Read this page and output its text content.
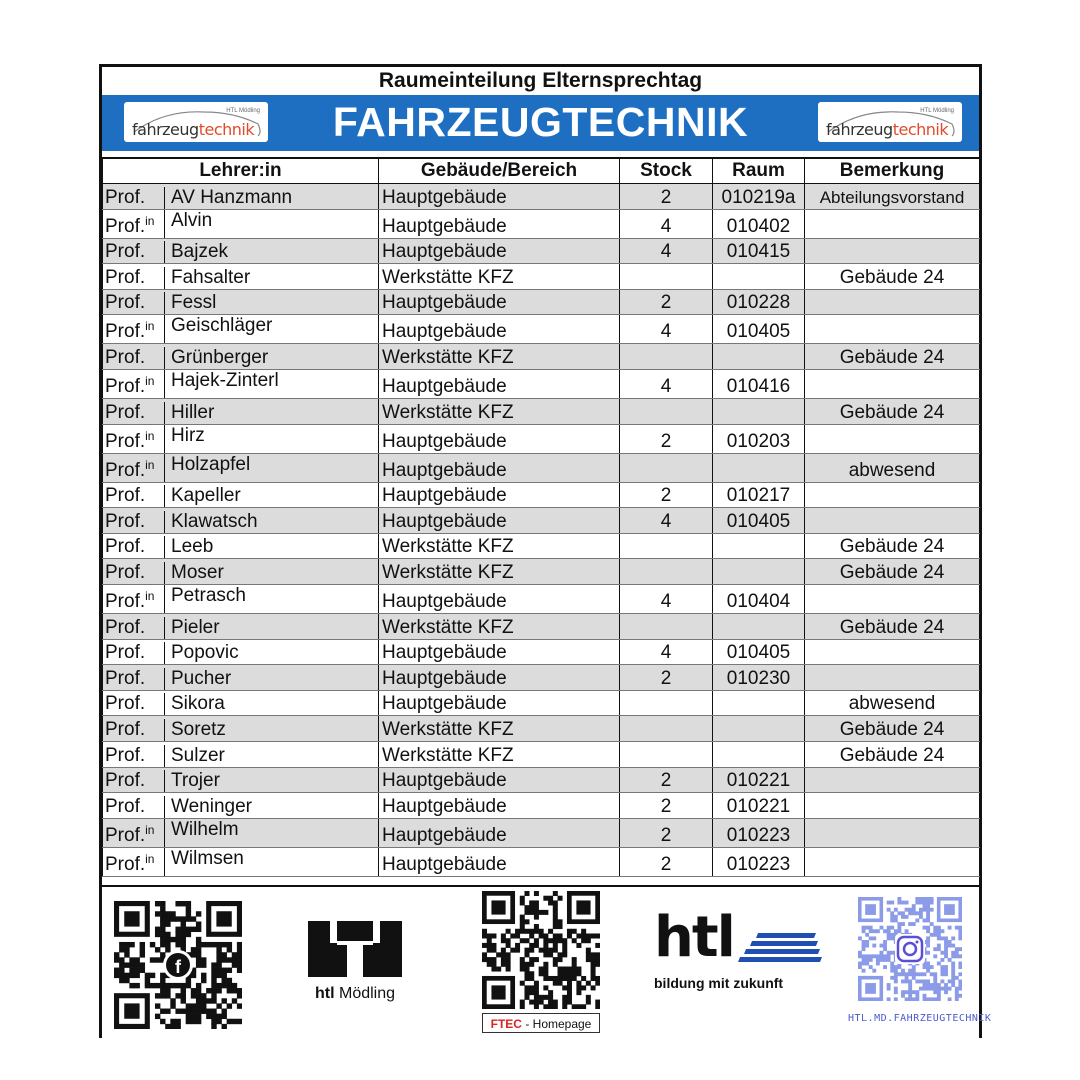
Raumeinteilung Elternsprechtag
HTL Mödling
fahrzeugtechnik	FAHRZEUGTECHNIK	HTL Mödling
fahrzeugtechnik
Lehrer:in	Gebäude/Bereich	Stock	Raum	Bemerkung

Prof. AV Hanzmann	Hauptgebäude	2	010219a	Abteilungsvorstand

Prof.$^{in}$ Alvin	Hauptgebäude	4	010402	

Prof. Bajzek	Hauptgebäude	4	010415	

Prof. Fahsalter	Werkstätte KFZ			Gebäude 24

Prof. Fessl	Hauptgebäude	2	010228	

Prof.$^{in}$ Geischläger	Hauptgebäude	4	010405	

Prof. Grünberger	Werkstätte KFZ			Gebäude 24

Prof.$^{in}$ Hajek-Zinterl	Hauptgebäude	4	010416	

Prof. Hiller	Werkstätte KFZ			Gebäude 24

Prof.$^{in}$ Hirz	Hauptgebäude	2	010203	

Prof.$^{in}$ Holzapfel	Hauptgebäude			abwesend

Prof. Kapeller	Hauptgebäude	2	010217	

Prof. Klawatsch	Hauptgebäude	4	010405	

Prof. Leeb	Werkstätte KFZ			Gebäude 24

Prof. Moser	Werkstätte KFZ			Gebäude 24

Prof.$^{in}$ Petrasch	Hauptgebäude	4	010404	

Prof. Pieler	Werkstätte KFZ			Gebäude 24

Prof. Popovic	Hauptgebäude	4	010405	

Prof. Pucher	Hauptgebäude	2	010230	

Prof. Sikora	Hauptgebäude			abwesend

Prof. Soretz	Werkstätte KFZ			Gebäude 24

Prof. Sulzer	Werkstätte KFZ			Gebäude 24

Prof. Trojer	Hauptgebäude	2	010221	

Prof. Weninger	Hauptgebäude	2	010221	

Prof.$^{in}$ Wilhelm	Hauptgebäude	2	010223	

Prof.$^{in}$ Wilmsen	Hauptgebäude	2	010223	
f
htl Mödling
FTEC - Homepage
htl
bildung mit zukunft
HTL.MD.FAHRZEUGTECHNIK
